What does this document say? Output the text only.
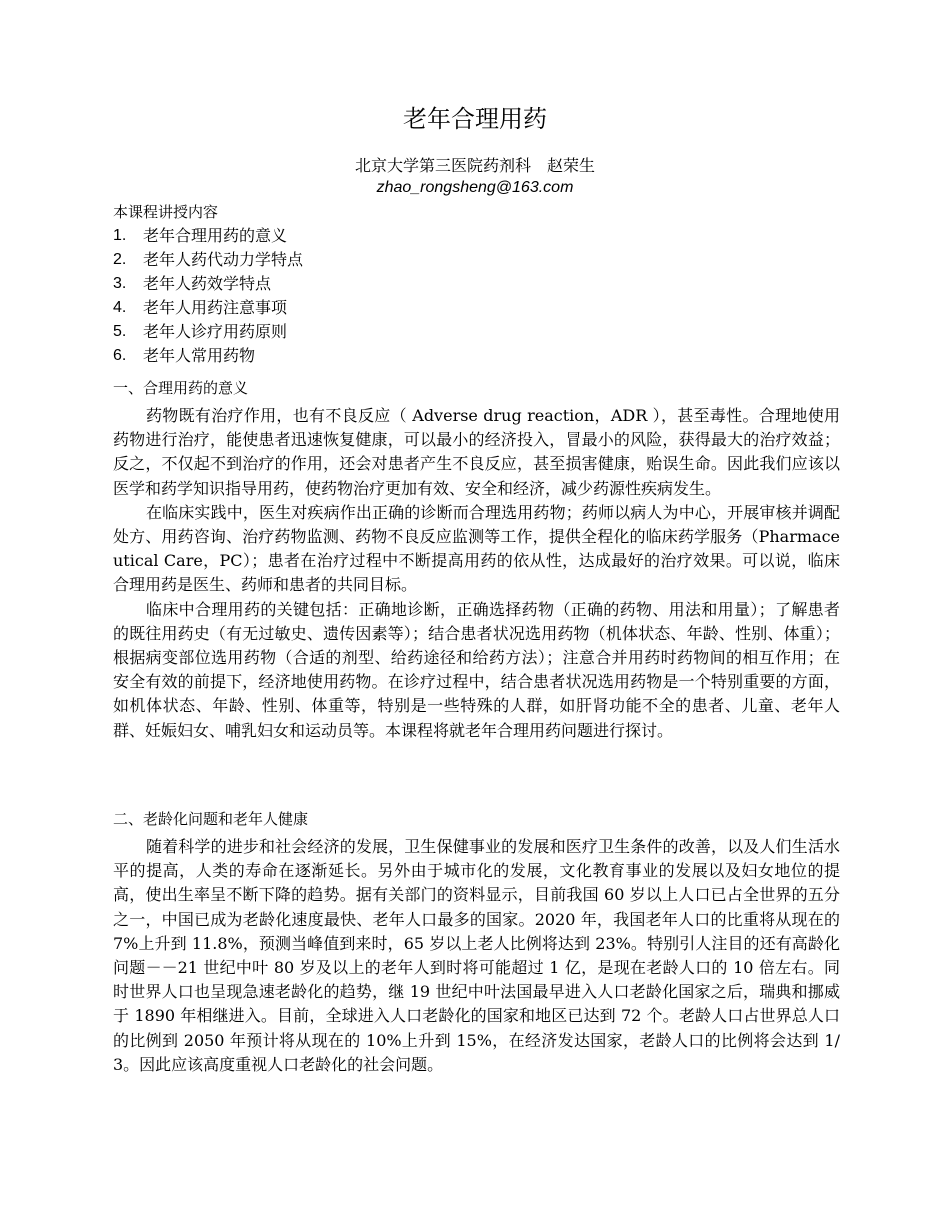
老年合理用药
北京大学第三医院药剂科　赵荣生
zhao_rongsheng@163.com
本课程讲授内容
1.	老年合理用药的意义
2.	老年人药代动力学特点
3.	老年人药效学特点
4.	老年人用药注意事项
5.	老年人诊疗用药原则
6.	老年人常用药物
一、合理用药的意义

药物既有治疗作用，也有不良反应（ Adverse drug reaction，ADR ），甚至毒性。合理地使用药物进行治疗，能使患者迅速恢复健康，可以最小的经济投入，冒最小的风险，获得最大的治疗效益；反之，不仅起不到治疗的作用，还会对患者产生不良反应，甚至损害健康，贻误生命。因此我们应该以医学和药学知识指导用药，使药物治疗更加有效、安全和经济，减少药源性疾病发生。

在临床实践中，医生对疾病作出正确的诊断而合理选用药物；药师以病人为中心，开展审核并调配处方、用药咨询、治疗药物监测、药物不良反应监测等工作，提供全程化的临床药学服务（Pharmaceutical Care，PC）；患者在治疗过程中不断提高用药的依从性，达成最好的治疗效果。可以说，临床合理用药是医生、药师和患者的共同目标。

临床中合理用药的关键包括：正确地诊断，正确选择药物（正确的药物、用法和用量）；了解患者的既往用药史（有无过敏史、遗传因素等）；结合患者状况选用药物（机体状态、年龄、性别、体重）；根据病变部位选用药物（合适的剂型、给药途径和给药方法）；注意合并用药时药物间的相互作用；在安全有效的前提下，经济地使用药物。在诊疗过程中，结合患者状况选用药物是一个特别重要的方面，如机体状态、年龄、性别、体重等，特别是一些特殊的人群，如肝肾功能不全的患者、儿童、老年人群、妊娠妇女、哺乳妇女和运动员等。本课程将就老年合理用药问题进行探讨。

二、老龄化问题和老年人健康

随着科学的进步和社会经济的发展，卫生保健事业的发展和医疗卫生条件的改善，以及人们生活水平的提高，人类的寿命在逐渐延长。另外由于城市化的发展，文化教育事业的发展以及妇女地位的提高，使出生率呈不断下降的趋势。据有关部门的资料显示，目前我国 60 岁以上人口已占全世界的五分之一，中国已成为老龄化速度最快、老年人口最多的国家。2020 年，我国老年人口的比重将从现在的 7%上升到 11.8%，预测当峰值到来时，65 岁以上老人比例将达到 23%。特别引人注目的还有高龄化问题－－21 世纪中叶 80 岁及以上的老年人到时将可能超过 1 亿，是现在老龄人口的 10 倍左右。同时世界人口也呈现急速老龄化的趋势，继 19 世纪中叶法国最早进入人口老龄化国家之后，瑞典和挪威于 1890 年相继进入。目前，全球进入人口老龄化的国家和地区已达到 72 个。老龄人口占世界总人口的比例到 2050 年预计将从现在的 10%上升到 15%，在经济发达国家，老龄人口的比例将会达到 1/3。因此应该高度重视人口老龄化的社会问题。
